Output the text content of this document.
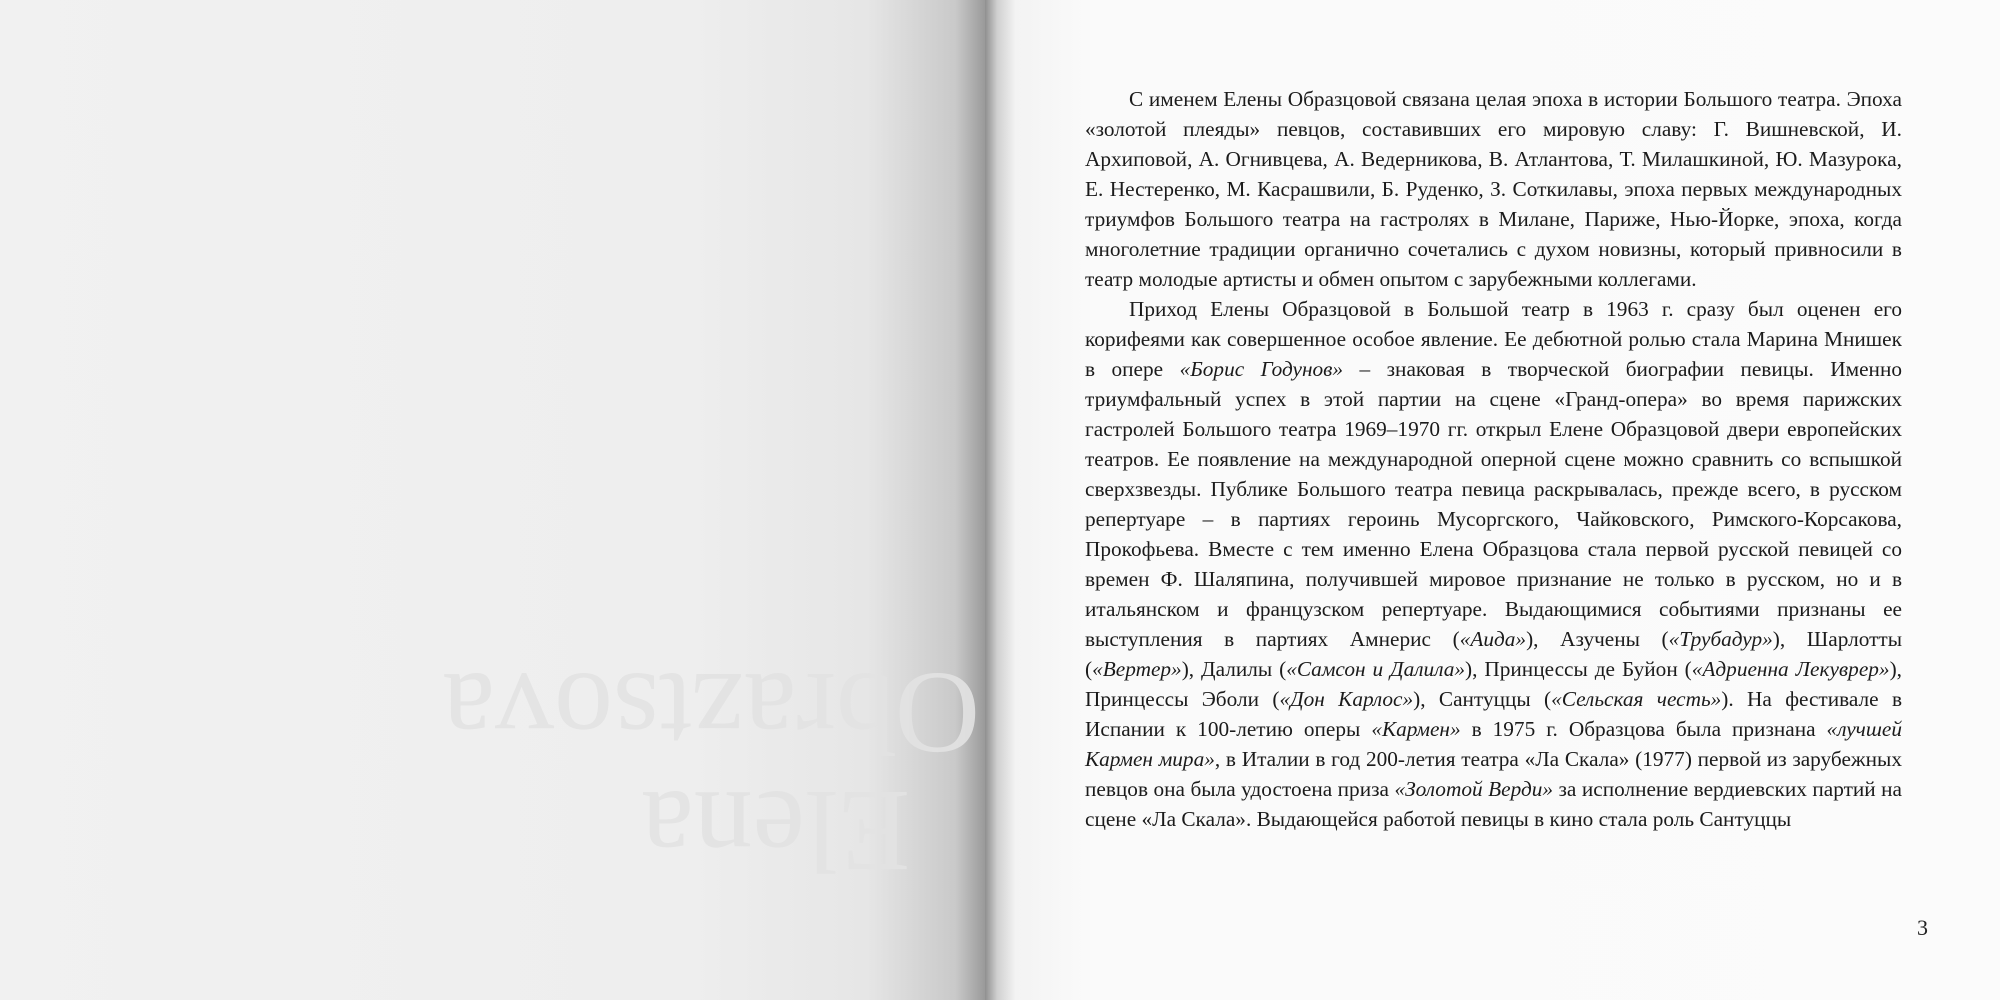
Elena
Obraztsova

С именем Елены Образцовой связана целая эпоха в истории Большого театра. Эпоха «золотой плеяды» певцов, составивших его мировую славу: Г. Вишневской, И. Архиповой, А. Огнивцева, А. Ведерникова, В. Атлантова, Т. Милашкиной, Ю. Мазурока, Е. Нестеренко, М. Касрашвили, Б. Руденко, З. Соткилавы, эпоха первых международных триумфов Большого театра на гастролях в Милане, Париже, Нью-Йорке, эпоха, когда многолетние традиции органично сочетались с духом новизны, который привносили в театр молодые артисты и обмен опытом с зарубежными коллегами.

Приход Елены Образцовой в Большой театр в 1963 г. сразу был оценен его корифеями как совершенное особое явление. Ее дебютной ролью стала Марина Мнишек в опере «Борис Годунов» – знаковая в творческой биографии певицы. Именно триумфальный успех в этой партии на сцене «Гранд-опера» во время парижских гастролей Большого театра 1969–1970 гг. открыл Елене Образцовой двери европейских театров. Ее появление на международной оперной сцене можно сравнить со вспышкой сверхзвезды. Публике Большого театра певица раскрывалась, прежде всего, в русском репертуаре – в партиях героинь Мусоргского, Чайковского, Римского-Корсакова, Прокофьева. Вместе с тем именно Елена Образцова стала первой русской певицей со времен Ф. Шаляпина, получившей мировое признание не только в русском, но и в итальянском и французском репертуаре. Выдающимися событиями признаны ее выступления в партиях Амнерис («Аида»), Азучены («Трубадур»), Шарлотты («Вертер»), Далилы («Самсон и Далила»), Принцессы де Буйон («Адриенна Лекуврер»), Принцессы Эболи («Дон Карлос»), Сантуццы («Сельская честь»). На фестивале в Испании к 100-летию оперы «Кармен» в 1975 г. Образцова была признана «лучшей Кармен мира», в Италии в год 200-летия театра «Ла Скала» (1977) первой из зарубежных певцов она была удостоена приза «Золотой Верди» за исполнение вердиевских партий на сцене «Ла Скала». Выдающейся работой певицы в кино стала роль Сантуццы

3
